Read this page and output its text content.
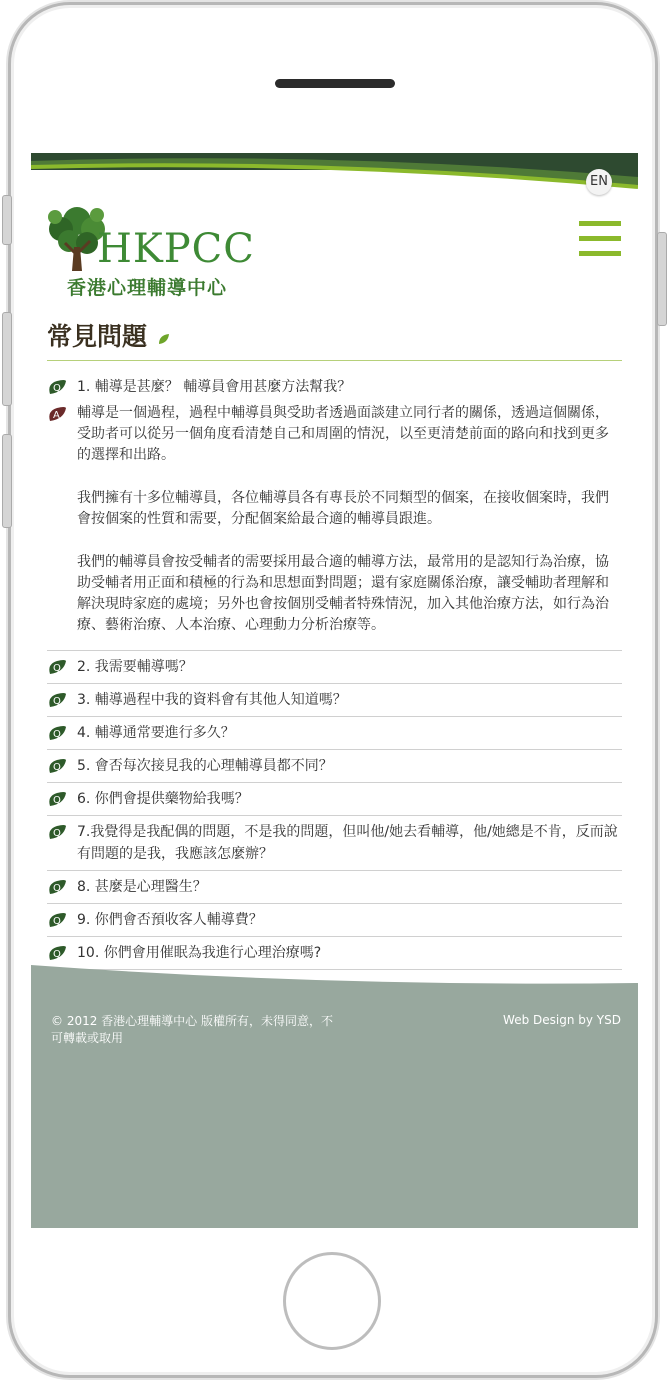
EN
HKPCC
香港心理輔導中心
常見問題
Q 1. 輔導是甚麼？ 輔導員會用甚麼方法幫我？
A 輔導是一個過程，過程中輔導員與受助者透過面談建立同行者的關係，透過這個關係，受助者可以從另一個角度看清楚自己和周圍的情況，以至更清楚前面的路向和找到更多的選擇和出路。

我們擁有十多位輔導員，各位輔導員各有專長於不同類型的個案，在接收個案時，我們會按個案的性質和需要，分配個案給最合適的輔導員跟進。

我們的輔導員會按受輔者的需要採用最合適的輔導方法，最常用的是認知行為治療，協助受輔者用正面和積極的行為和思想面對問題；還有家庭關係治療，讓受輔助者理解和解決現時家庭的處境；另外也會按個別受輔者特殊情況，加入其他治療方法，如行為治療、藝術治療、人本治療、心理動力分析治療等。

Q 2. 我需要輔導嗎？
Q 3. 輔導過程中我的資料會有其他人知道嗎？
Q 4. 輔導通常要進行多久？
Q 5. 會否每次接見我的心理輔導員都不同？
Q 6. 你們會提供藥物給我嗎？
Q 7.我覺得是我配偶的問題，不是我的問題，但叫他/她去看輔導，他/她總是不肯，反而說有問題的是我，我應該怎麼辦？
Q 8. 甚麼是心理醫生？
Q 9. 你們會否預收客人輔導費？
Q 10. 你們會用催眠為我進行心理治療嗎?
© 2012 香港心理輔導中心 版權所有，未得同意，不可轉載或取用
Web Design by YSD
